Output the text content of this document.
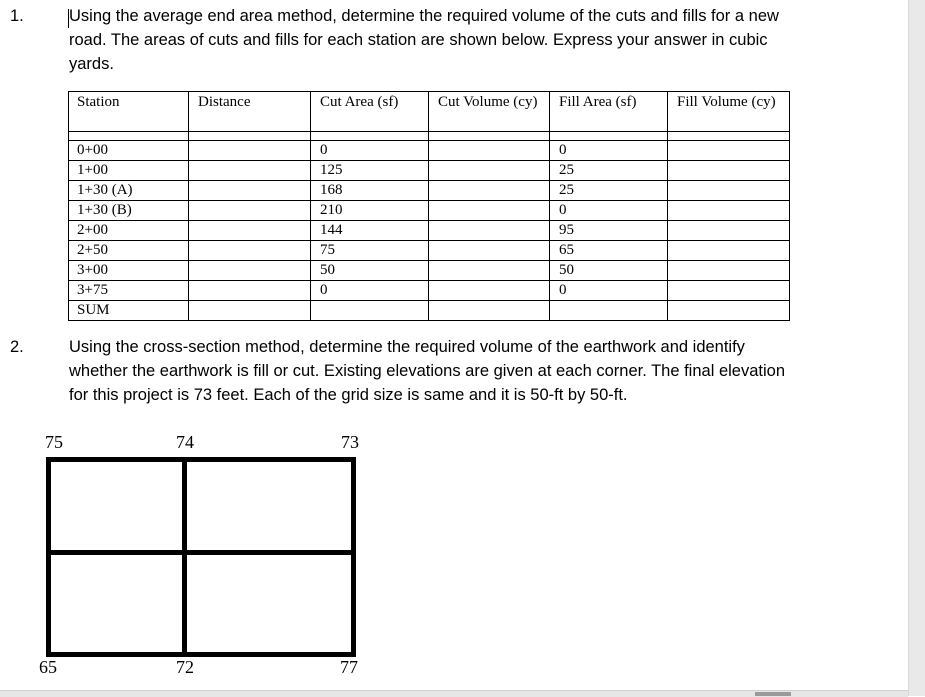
1.	Using the average end area method, determine the required volume of the cuts and fills for a new road. The areas of cuts and fills for each station are shown below. Express your answer in cubic yards.
Station	Distance	Cut Area (sf)	Cut Volume (cy)	Fill Area (sf)	Fill Volume (cy)

0+00		0		0	
1+00		125		25	
1+30 (A)		168		25	
1+30 (B)		210		0	
2+00		144		95	
2+50		75		65	
3+00		50		50	
3+75		0		0	
SUM					
2.	Using the cross-section method, determine the required volume of the earthwork and identify whether the earthwork is fill or cut. Existing elevations are given at each corner. The final elevation for this project is 73 feet. Each of the grid size is same and it is 50-ft by 50-ft.
75	74	73
65	72	77
